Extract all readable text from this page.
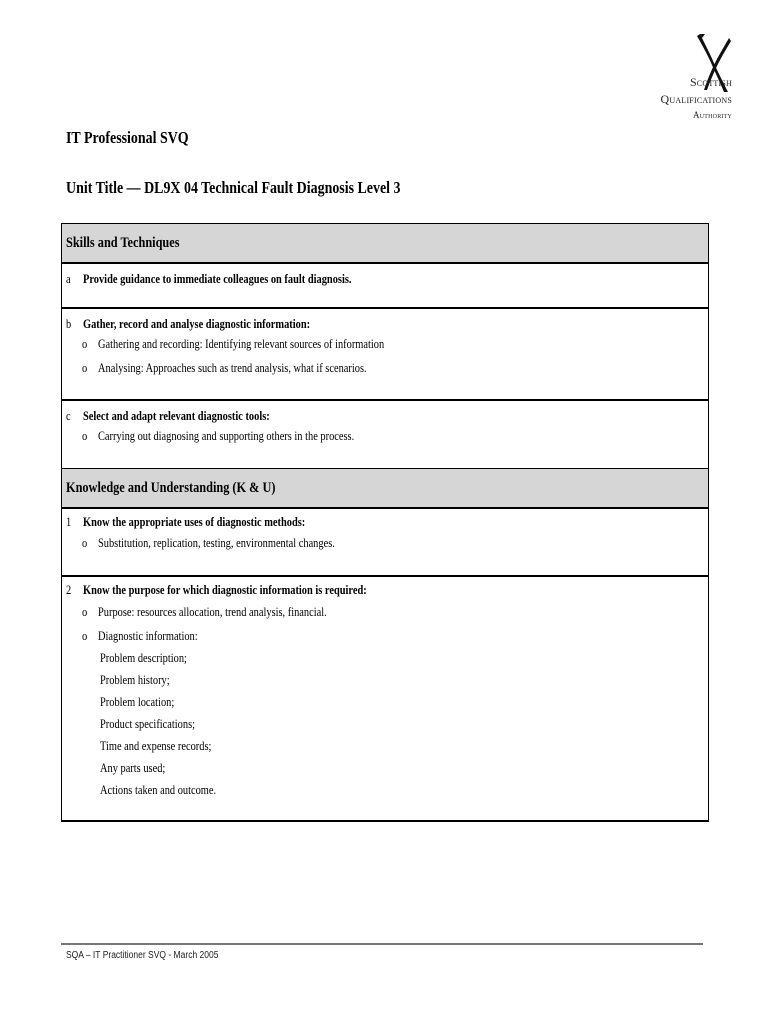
Scottish
Qualifications
Authority
IT Professional SVQ
Unit Title — DL9X 04 Technical Fault Diagnosis Level 3
Skills and Techniques
a Provide guidance to immediate colleagues on fault diagnosis.
b Gather, record and analyse diagnostic information:
o Gathering and recording: Identifying relevant sources of information
o Analysing: Approaches such as trend analysis, what if scenarios.
c Select and adapt relevant diagnostic tools:
o Carrying out diagnosing and supporting others in the process.
Knowledge and Understanding (K & U)
1 Know the appropriate uses of diagnostic methods:
o Substitution, replication, testing, environmental changes.
2 Know the purpose for which diagnostic information is required:
o Purpose: resources allocation, trend analysis, financial.
o Diagnostic information:
Problem description;
Problem history;
Problem location;
Product specifications;
Time and expense records;
Any parts used;
Actions taken and outcome.
SQA – IT Practitioner SVQ - March 2005
